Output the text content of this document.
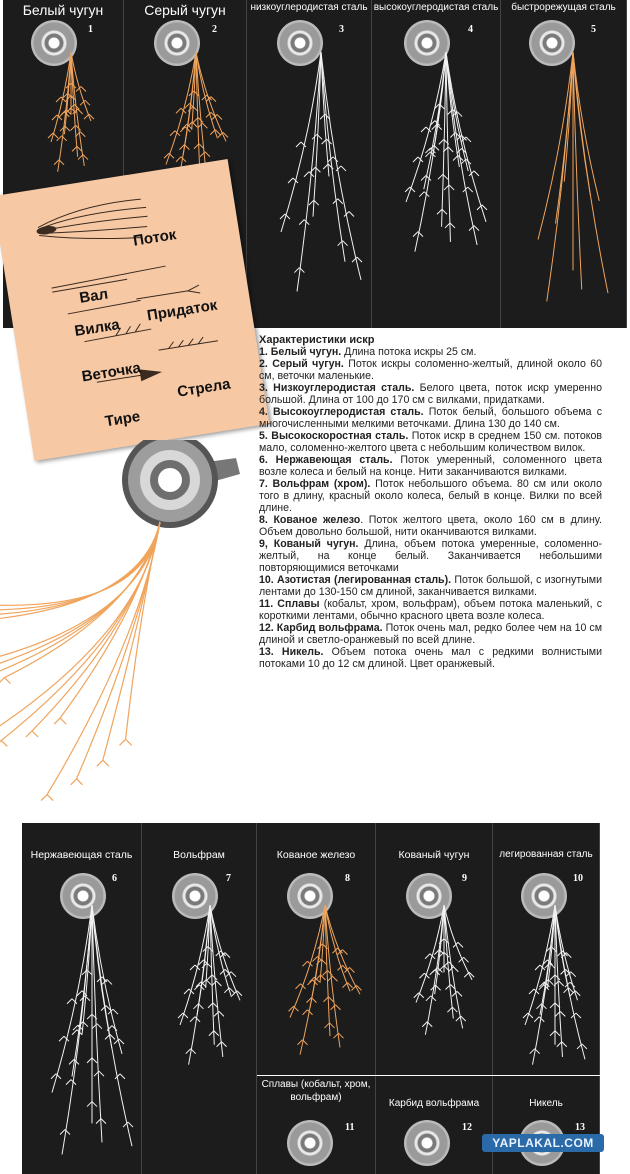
Белый чугун
1
Серый чугун
2
низкоуглеродистая сталь
3
высокоуглеродистая сталь
4
быстрорежущая сталь
5
Поток
Вал
Вилка
Придаток
Веточка
Стрела
Тире

Характеристики искр

1. Белый чугун. Длина потока искры 25 см.

2. Серый чугун. Поток искры соломенно-желтый, длиной около 60 см, веточки маленькие.

3. Низкоуглеродистая сталь. Белого цвета, поток искр умеренно большой. Длина от 100 до 170 см с вилками, придатками.

4. Высокоуглеродистая сталь. Поток белый, большого объема с многочисленными мелкими веточками. Длина 130 до 140 см.

5. Высокоскоростная сталь. Поток искр в среднем 150 см. потоков мало, соломенно-желтого цвета с небольшим количеством вилок.

6. Нержавеющая сталь. Поток умеренный, соломенного цвета возле колеса и белый на конце. Нити заканчиваются вилками.

7. Вольфрам (хром). Поток небольшого объема. 80 см или около того в длину, красный около колеса, белый в конце. Вилки по всей длине.

8. Кованое железо. Поток желтого цвета, около 160 см в длину. Объем довольно большой, нити оканчиваются вилками.

9, Кованый чугун. Длина, объем потока умеренные, соломенно-желтый, на конце белый. Заканчивается небольшими повторяющимися веточками

10. Азотистая (легированная сталь). Поток большой, с изогнутыми лентами до 130-150 см длиной, заканчивается вилками.

11. Сплавы (кобальт, хром, вольфрам), объем потока маленький, с короткими лентами, обычно красного цвета возле колеса.

12. Карбид вольфрама. Поток очень мал, редко более чем на 10 см длиной и светло-оранжевый по всей длине.

13. Никель. Объем потока очень мал с редкими волнистыми потоками 10 до 12 см длиной. Цвет оранжевый.

Нержавеющая сталь
6
Вольфрам
7
Кованое железо
8
Кованый чугун
9
легированная сталь
10
Сплавы (кобальт, хром, вольфрам)
11
Карбид вольфрама
12
Никель
13
YAPLAKAL.COM
